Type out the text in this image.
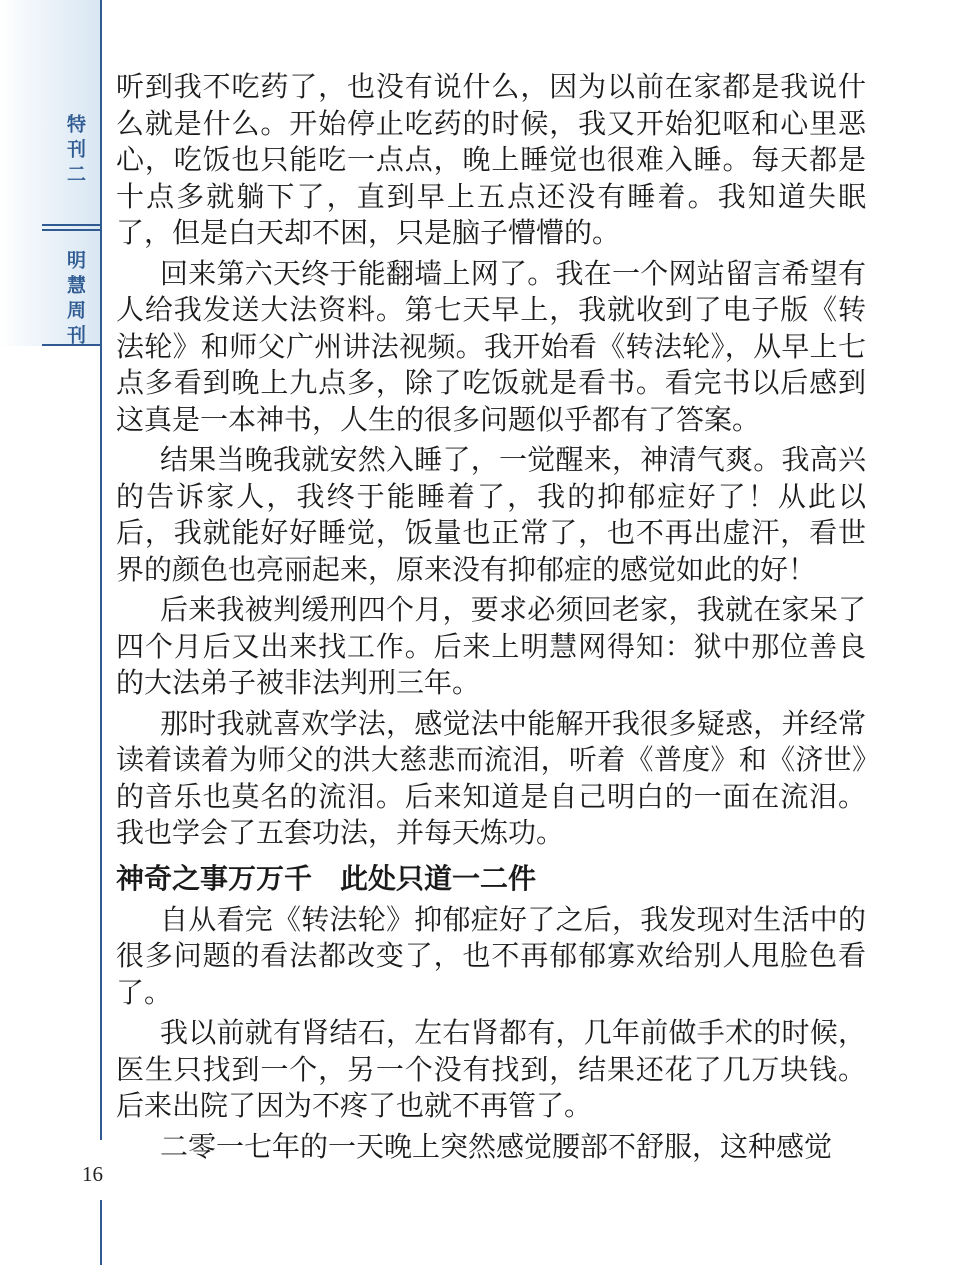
特刊二
明慧周刊

听到我不吃药了，也没有说什么，因为以前在家都是我说什么就是什么。开始停止吃药的时候，我又开始犯呕和心里恶心，吃饭也只能吃一点点，晚上睡觉也很难入睡。每天都是十点多就躺下了，直到早上五点还没有睡着。我知道失眠了，但是白天却不困，只是脑子懵懵的。

回来第六天终于能翻墙上网了。我在一个网站留言希望有人给我发送大法资料。第七天早上，我就收到了电子版《转法轮》和师父广州讲法视频。我开始看《转法轮》，从早上七点多看到晚上九点多，除了吃饭就是看书。看完书以后感到这真是一本神书，人生的很多问题似乎都有了答案。

结果当晚我就安然入睡了，一觉醒来，神清气爽。我高兴的告诉家人，我终于能睡着了，我的抑郁症好了！从此以后，我就能好好睡觉，饭量也正常了，也不再出虚汗，看世界的颜色也亮丽起来，原来没有抑郁症的感觉如此的好！

后来我被判缓刑四个月，要求必须回老家，我就在家呆了四个月后又出来找工作。后来上明慧网得知：狱中那位善良的大法弟子被非法判刑三年。

那时我就喜欢学法，感觉法中能解开我很多疑惑，并经常读着读着为师父的洪大慈悲而流泪，听着《普度》和《济世》的音乐也莫名的流泪。后来知道是自己明白的一面在流泪。我也学会了五套功法，并每天炼功。

神奇之事万万千　此处只道一二件

自从看完《转法轮》抑郁症好了之后，我发现对生活中的很多问题的看法都改变了，也不再郁郁寡欢给别人甩脸色看了。

我以前就有肾结石，左右肾都有，几年前做手术的时候，医生只找到一个，另一个没有找到，结果还花了几万块钱。后来出院了因为不疼了也就不再管了。

二零一七年的一天晚上突然感觉腰部不舒服，这种感觉

16
